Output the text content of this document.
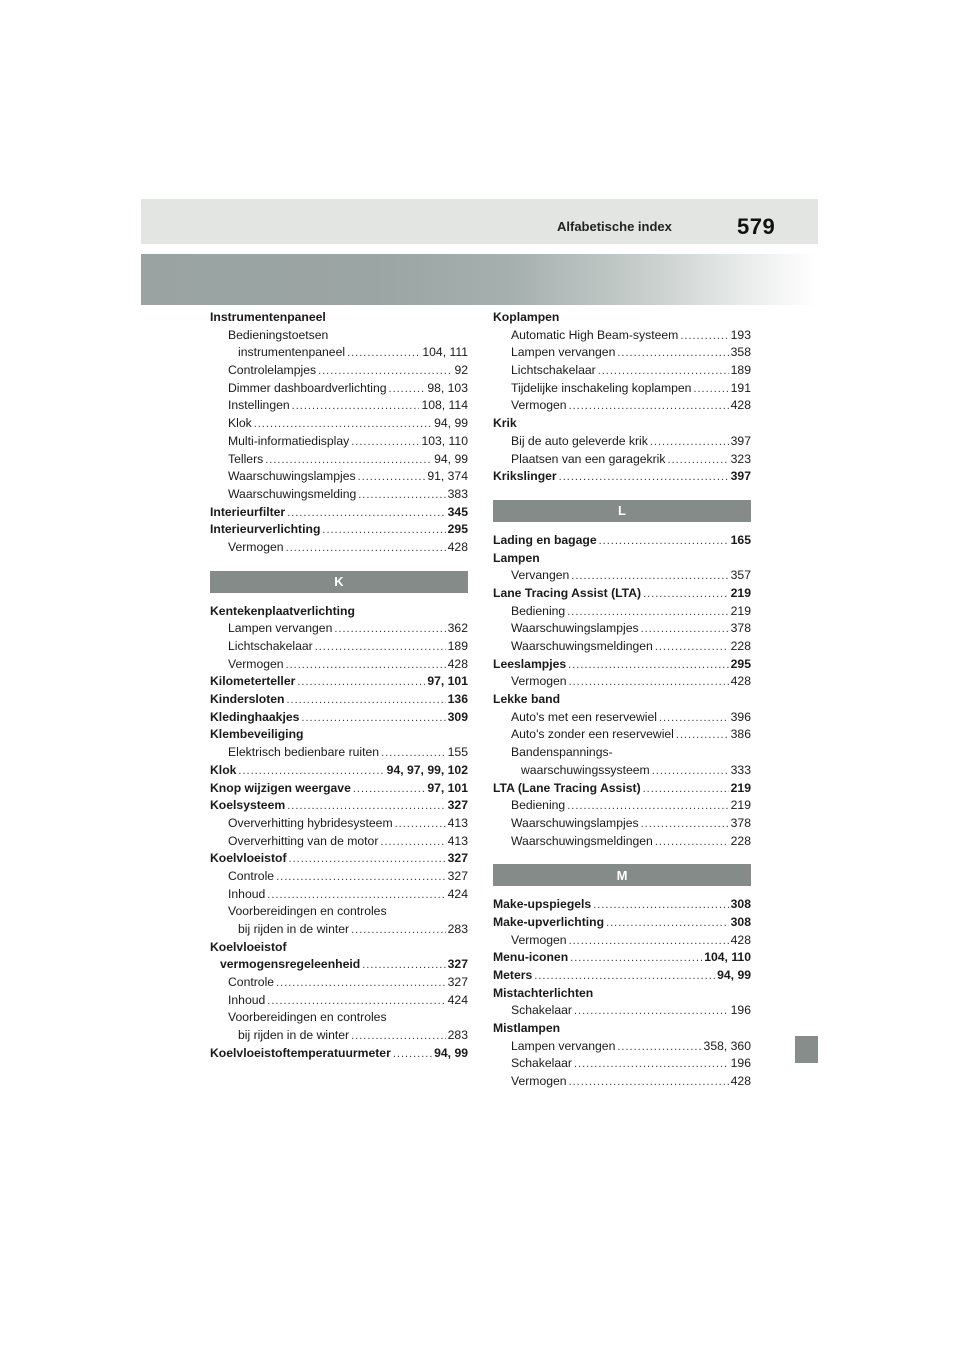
Alfabetische index	579
Instrumentenpaneel
Bedieningstoetsen
instrumentenpaneel .....	104, 111
Controlelampjes .....	92
Dimmer dashboardverlichting .....	98, 103
Instellingen .....	108, 114
Klok .....	94, 99
Multi-informatiedisplay .....	103, 110
Tellers .....	94, 99
Waarschuwingslampjes .....	91, 374
Waarschuwingsmelding .....	383
Interieurfilter .....	345
Interieurverlichting .....	295
Vermogen .....	428
K
Kentekenplaatverlichting
Lampen vervangen .....	362
Lichtschakelaar .....	189
Vermogen .....	428
Kilometerteller .....	97, 101
Kindersloten .....	136
Kledinghaakjes .....	309
Klembeveiliging
Elektrisch bedienbare ruiten .....	155
Klok .....	94, 97, 99, 102
Knop wijzigen weergave .....	97, 101
Koelsysteem .....	327
Oververhitting hybridesysteem .....	413
Oververhitting van de motor .....	413
Koelvloeistof .....	327
Controle .....	327
Inhoud .....	424
Voorbereidingen en controles
bij rijden in de winter .....	283
Koelvloeistof
vermogensregeleenheid .....	327
Controle .....	327
Inhoud .....	424
Voorbereidingen en controles
bij rijden in de winter .....	283
Koelvloeistoftemperatuurmeter .....	94, 99
Koplampen
Automatic High Beam-systeem .....	193
Lampen vervangen .....	358
Lichtschakelaar .....	189
Tijdelijke inschakeling koplampen .....	191
Vermogen .....	428
Krik
Bij de auto geleverde krik .....	397
Plaatsen van een garagekrik .....	323
Krikslinger .....	397
L
Lading en bagage .....	165
Lampen
Vervangen .....	357
Lane Tracing Assist (LTA) .....	219
Bediening .....	219
Waarschuwingslampjes .....	378
Waarschuwingsmeldingen .....	228
Leeslampjes .....	295
Vermogen .....	428
Lekke band
Auto's met een reservewiel .....	396
Auto's zonder een reservewiel .....	386
Bandenspannings-
waarschuwingssysteem .....	333
LTA (Lane Tracing Assist) .....	219
Bediening .....	219
Waarschuwingslampjes .....	378
Waarschuwingsmeldingen .....	228
M
Make-upspiegels .....	308
Make-upverlichting .....	308
Vermogen .....	428
Menu-iconen .....	104, 110
Meters .....	94, 99
Mistachterlichten
Schakelaar .....	196
Mistlampen
Lampen vervangen .....	358, 360
Schakelaar .....	196
Vermogen .....	428
